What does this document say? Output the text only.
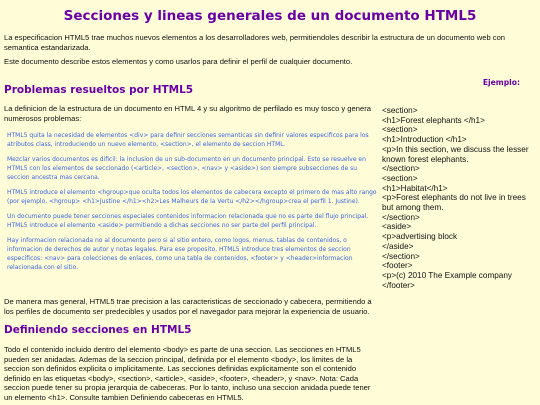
Secciones y lineas generales de un documento HTML5

La especificacion HTML5 trae muchos nuevos elementos a los desarrolladores web, permitiendoles describir la estructura de un documento web con semantica estandarizada.

Este documento describe estos elementos y como usarlos para definir el perfil de cualquier documento.

Problemas resueltos por HTML5

La definicion de la estructura de un documento en HTML 4 y su algoritmo de perfilado es muy tosco y genera numerosos problemas:

HTML5 quita la necesidad de elementos <div> para definir secciones semanticas sin definir valores especificos para los atributos class, introduciendo un nuevo elemento, <section>, el elemento de seccion HTML.

Mezclar varios documentos es dificil: la inclusion de un sub-documento en un documento principal. Esto se resuelve en HTML5 con los elementos de seccionado (<article>, <section>, <nav> y <aside>) son siempre subsecciones de su seccion ancestra mas cercana.

HTML5 introduce el elemento <hgroup>que oculta todos los elementos de cabecera excepto el primero de mas alto rango (por ejemplo, <hgroup> <h1>Justine </h1><h2>Les Malheurs de la Vertu </h2></hgroup>crea el perfil 1. Justine).

Un documento puede tener secciones especiales contenidos informacion relacionada que no es parte del flujo principal. HTML5 introduce el elemento <aside> permitiendo a dichas secciones no ser parte del perfil principal.

Hay informacion relacionada no al documento pero si al sitio entero, como logos, menus, tablas de contenidos, o informacion de derechos de autor y notas legales. Para ese proposito, HTML5 introduce tres elementos de seccion especificos: <nav> para colecciones de enlaces, como una tabla de contenidos, <footer> y <header>informacion relacionada con el sitio.

De manera mas general, HTML5 trae precision a las caracteristicas de seccionado y cabecera, permitiendo a los perfiles de documento ser predecibles y usados por el navegador para mejorar la experiencia de usuario.

Definiendo secciones en HTML5

Todo el contenido incluido dentro del elemento <body> es parte de una seccion. Las secciones en HTML5 pueden ser anidadas. Ademas de la seccion principal, definida por el elemento <body>, los limites de la seccion son definidos explicita o implicitamente. Las secciones definidas explicitamente son el contenido definido en las etiquetas <body>, <section>, <article>, <aside>, <footer>, <header>, y <nav>. Nota: Cada seccion puede tener su propia jerarquia de cabeceras. Por lo tanto, incluso una seccion anidada puede tener un elemento <h1>. Consulte tambien Definiendo cabeceras en HTML5.

Ejemplo:

<section>

<h1>Forest elephants </h1>

<section>

<h1>Introduction </h1>

<p>In this section, we discuss the lesser known forest elephants.

</section>

<section>

<h1>Habitat</h1>

<p>Forest elephants do not live in trees but among them.

</section>

<aside>

<p>advertising block

</aside>

</section>

<footer>

<p>(c) 2010 The Example company

</footer>
